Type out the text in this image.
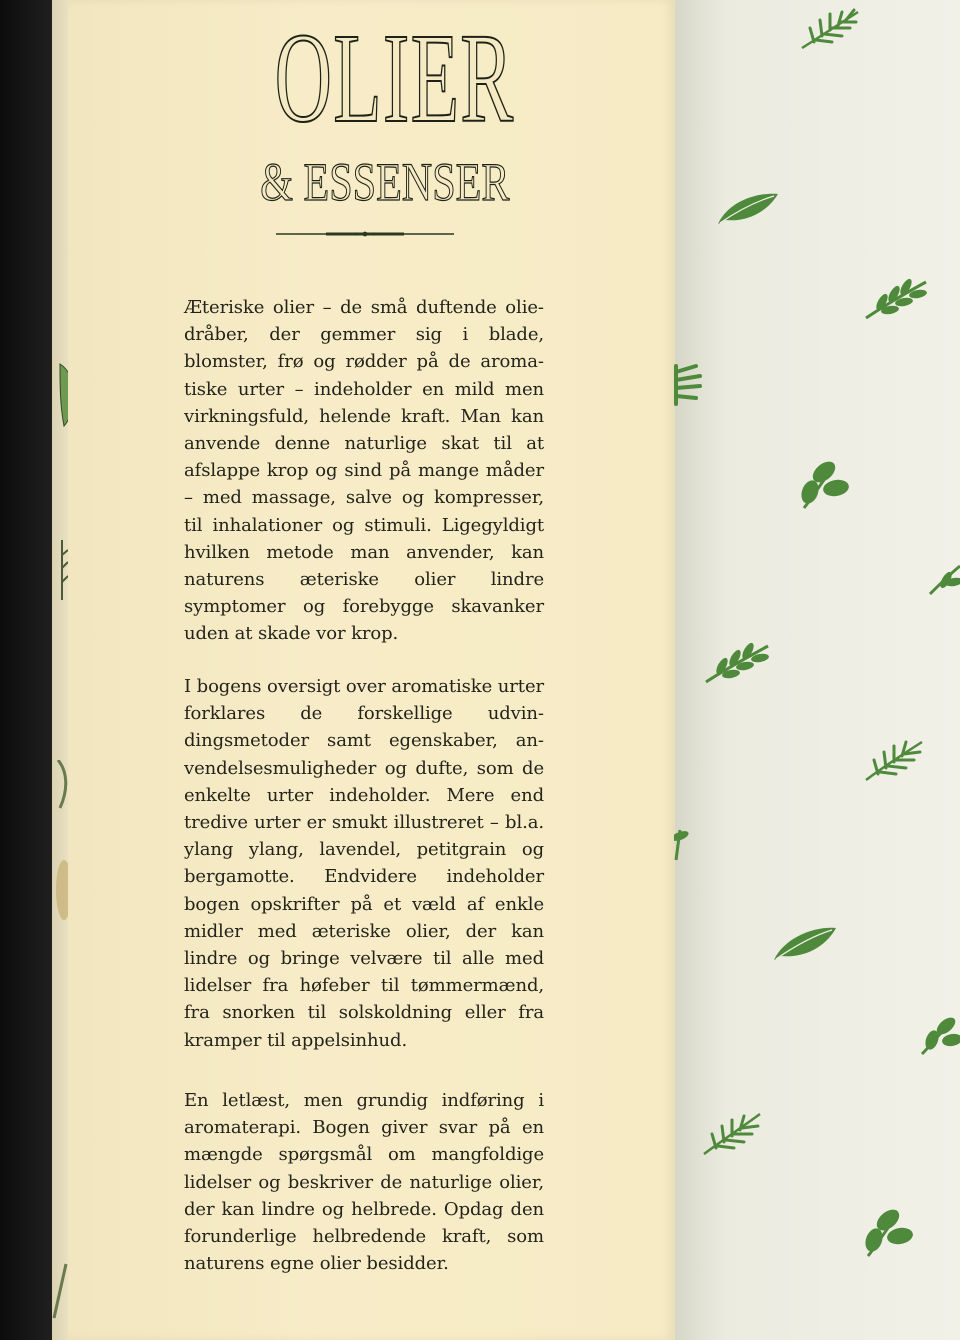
OLIER
& ESSENSER

Æteriske olier – de små duftende oliedråber, der gemmer sig i blade, blomster, frø og rødder på de aromatiske urter – indeholder en mild men virkningsfuld, helende kraft. Man kan anvende denne naturlige skat til at afslappe krop og sind på mange måder – med massage, salve og kompresser, til inhalationer og stimuli. Ligegyldigt hvilken metode man anvender, kan naturens æteriske olier lindre symptomer og forebygge skavanker uden at skade vor krop.

I bogens oversigt over aromatiske urter forklares de forskellige udvindingsmetoder samt egenskaber, anvendelsesmuligheder og dufte, som de enkelte urter indeholder. Mere end tredive urter er smukt illustreret – bl.a. ylang ylang, lavendel, petitgrain og bergamotte. Endvidere indeholder bogen opskrifter på et væld af enkle midler med æteriske olier, der kan lindre og bringe velvære til alle med lidelser fra høfeber til tømmermænd, fra snorken til solskoldning eller fra kramper til appelsinhud.

En letlæst, men grundig indføring i aromaterapi. Bogen giver svar på en mængde spørgsmål om mangfoldige lidelser og beskriver de naturlige olier, der kan lindre og helbrede. Opdag den forunderlige helbredende kraft, som naturens egne olier besidder.
